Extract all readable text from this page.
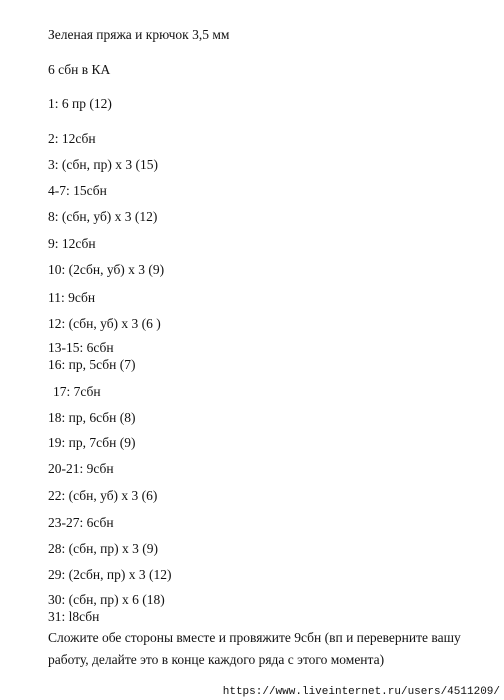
Зеленая пряжа и крючок 3,5 мм
6 сбн в КА
1: 6 пр (12)
2: 12сбн
3: (сбн, пр) х 3 (15)
4-7: 15сбн
8: (сбн, уб) х 3 (12)
9: 12сбн
10: (2сбн, уб) х 3 (9)
11: 9сбн
12: (сбн, уб) х 3 (6 )
13-15: 6сбн
16: пр, 5сбн (7)
17: 7сбн
18: пр, 6сбн (8)
19: пр, 7сбн (9)
20-21: 9сбн
22: (сбн, уб) х 3 (6)
23-27: 6сбн
28: (сбн, пр) х 3 (9)
29: (2сбн, пр) х 3 (12)
30: (сбн, пр) х 6 (18)
31: l8сбн
Сложите обе стороны вместе и провяжите 9сбн (вп и переверните вашу работу, делайте это в конце каждого ряда с этого момента)
https://www.liveinternet.ru/users/4511209/
